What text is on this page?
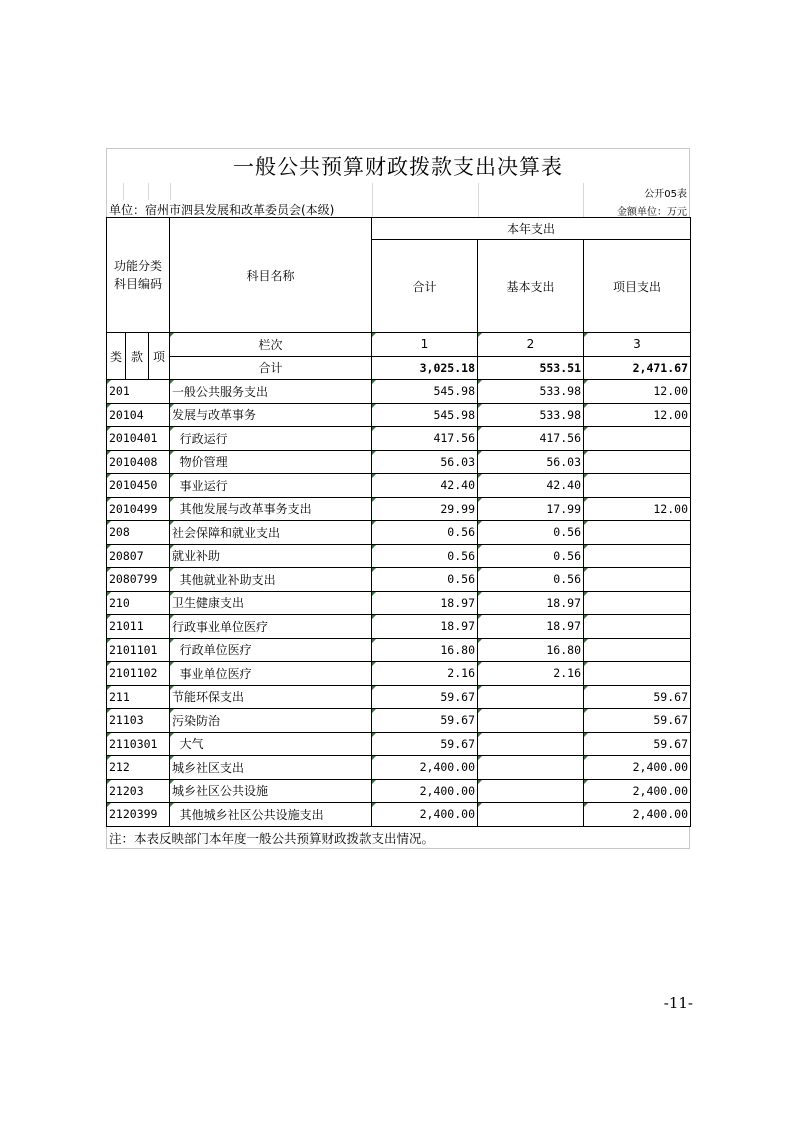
一般公共预算财政拨款支出决算表
公开05表
单位：宿州市泗县发展和改革委员会(本级)	金额单位：万元
功能分类
科目编码			科目名称	本年支出		
				合计	基本支出	项目支出

类	款	项	栏次	1	2	3
			合计	3,025.18	553.51	2,471.67
201			一般公共服务支出	545.98	533.98	12.00
20104			发展与改革事务	545.98	533.98	12.00
2010401			行政运行	417.56	417.56	
2010408			物价管理	56.03	56.03	
2010450			事业运行	42.40	42.40	
2010499			其他发展与改革事务支出	29.99	17.99	12.00
208			社会保障和就业支出	0.56	0.56	
20807			就业补助	0.56	0.56	
2080799			其他就业补助支出	0.56	0.56	
210			卫生健康支出	18.97	18.97	
21011			行政事业单位医疗	18.97	18.97	
2101101			行政单位医疗	16.80	16.80	
2101102			事业单位医疗	2.16	2.16	
211			节能环保支出	59.67		59.67
21103			污染防治	59.67		59.67
2110301			大气	59.67		59.67
212			城乡社区支出	2,400.00		2,400.00
21203			城乡社区公共设施	2,400.00		2,400.00
2120399			其他城乡社区公共设施支出	2,400.00		2,400.00
注：本表反映部门本年度一般公共预算财政拨款支出情况。
-11-
